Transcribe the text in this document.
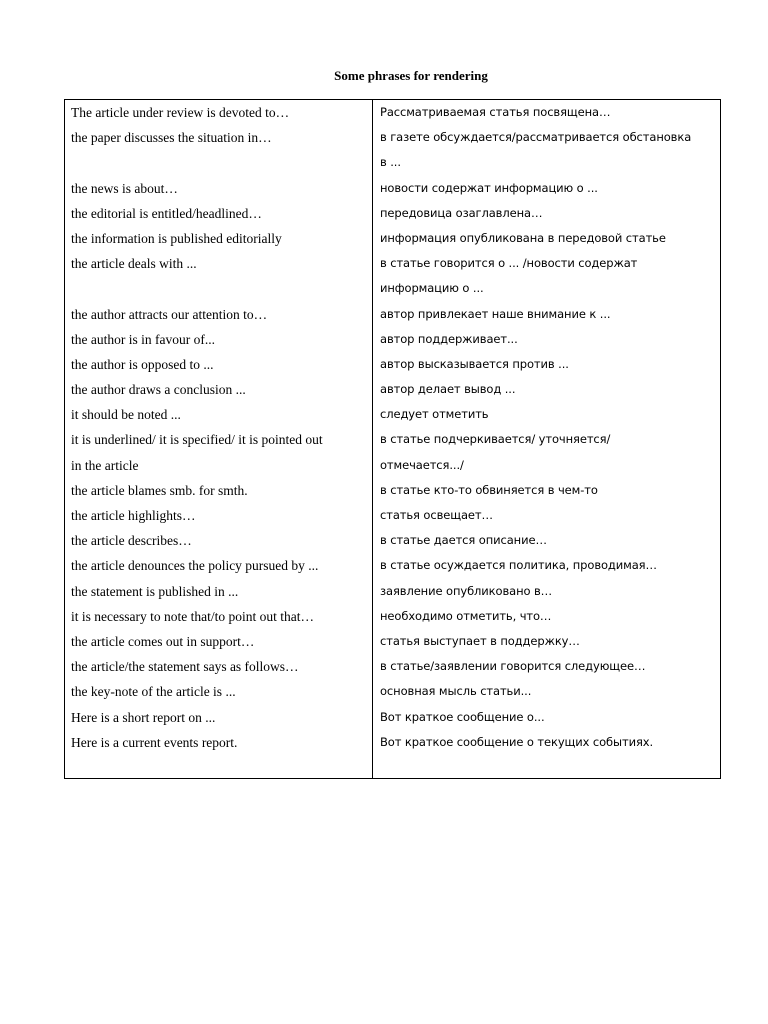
Some phrases for rendering
The article under review is devoted to…
the paper discusses the situation in…
the news is about…
the editorial is entitled/headlined…
the information is published editorially
the article deals with ...
the author attracts our attention to…
the author is in favour of...
the author is opposed to ...
the author draws a conclusion ...
it should be noted ...
it is underlined/ it is specified/ it is pointed out
in the article
the article blames smb. for smth.
the article highlights…
the article describes…
the article denounces the policy pursued by ...
the statement is published in ...
it is necessary to note that/to point out that…
the article comes out in support…
the article/the statement says as follows…
the key-note of the article is ...
Here is a short report on ...
Here is a current events report.
Рассматриваемая статья посвящена…
в газете обсуждается/рассматривается обстановка
в ...
новости содержат информацию о ...
передовица озаглавлена…
информация опубликована в передовой статье
в статье говорится о ... /новости содержат
информацию о ...
автор привлекает наше внимание к ...
автор поддерживает...
автор высказывается против ...
автор делает вывод ...
следует отметить
в статье подчеркивается/ уточняется/
отмечается.../
в статье кто-то обвиняется в чем-то
статья освещает…
в статье дается описание…
в статье осуждается политика, проводимая…
заявление опубликовано в…
необходимо отметить, что…
статья выступает в поддержку…
в статье/заявлении говорится следующее…
основная мысль статьи...
Вот краткое сообщение о...
Вот краткое сообщение о текущих событиях.
